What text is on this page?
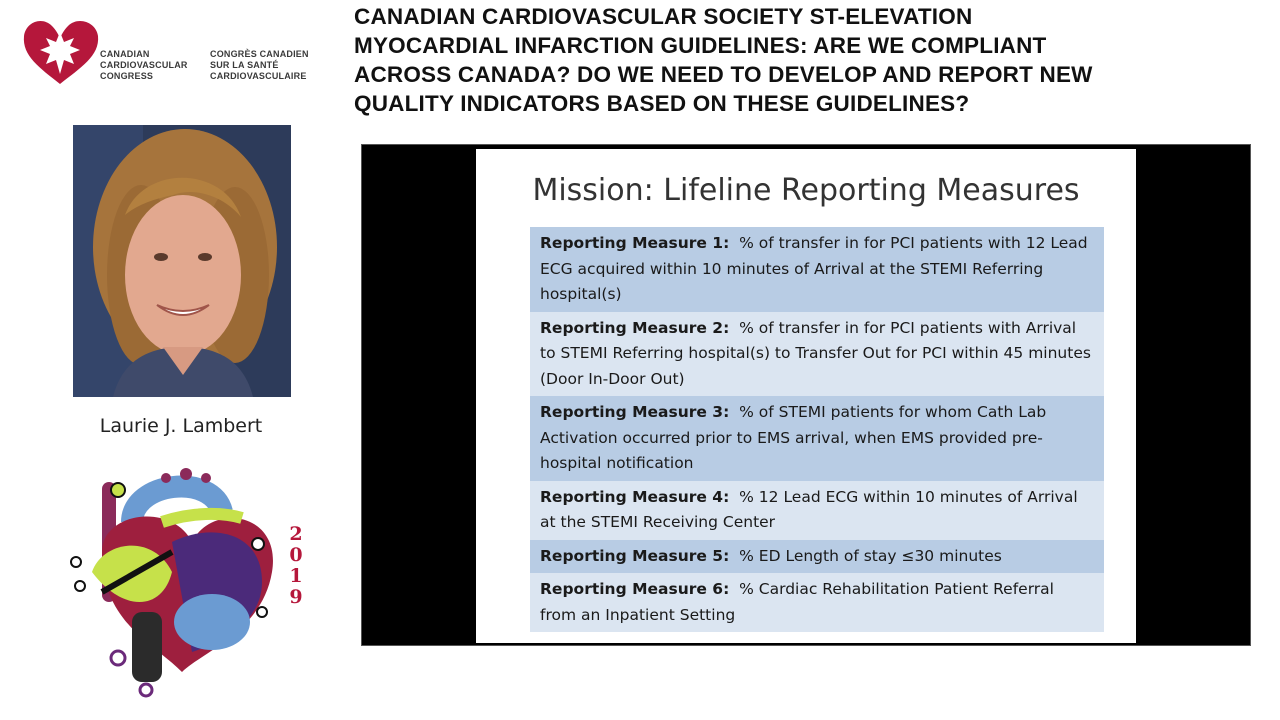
CANADIAN
CARDIOVASCULAR
CONGRESS
CONGRÈS CANADIEN
SUR LA SANTÉ
CARDIOVASCULAIRE
CANADIAN CARDIOVASCULAR SOCIETY ST-ELEVATION
MYOCARDIAL INFARCTION GUIDELINES: ARE WE COMPLIANT
ACROSS CANADA? DO WE NEED TO DEVELOP AND REPORT NEW
QUALITY INDICATORS BASED ON THESE GUIDELINES?
Laurie J. Lambert
2
0
1
9
Mission: Lifeline Reporting Measures
Reporting Measure 1: % of transfer in for PCI patients with 12 Lead ECG acquired within 10 minutes of Arrival at the STEMI Referring hospital(s)
Reporting Measure 2: % of transfer in for PCI patients with Arrival to STEMI Referring hospital(s) to Transfer Out for PCI within 45 minutes (Door In-Door Out)
Reporting Measure 3: % of STEMI patients for whom Cath Lab Activation occurred prior to EMS arrival, when EMS provided pre-hospital notification
Reporting Measure 4: % 12 Lead ECG within 10 minutes of Arrival at the STEMI Receiving Center
Reporting Measure 5: % ED Length of stay ≤30 minutes
Reporting Measure 6: % Cardiac Rehabilitation Patient Referral from an Inpatient Setting
